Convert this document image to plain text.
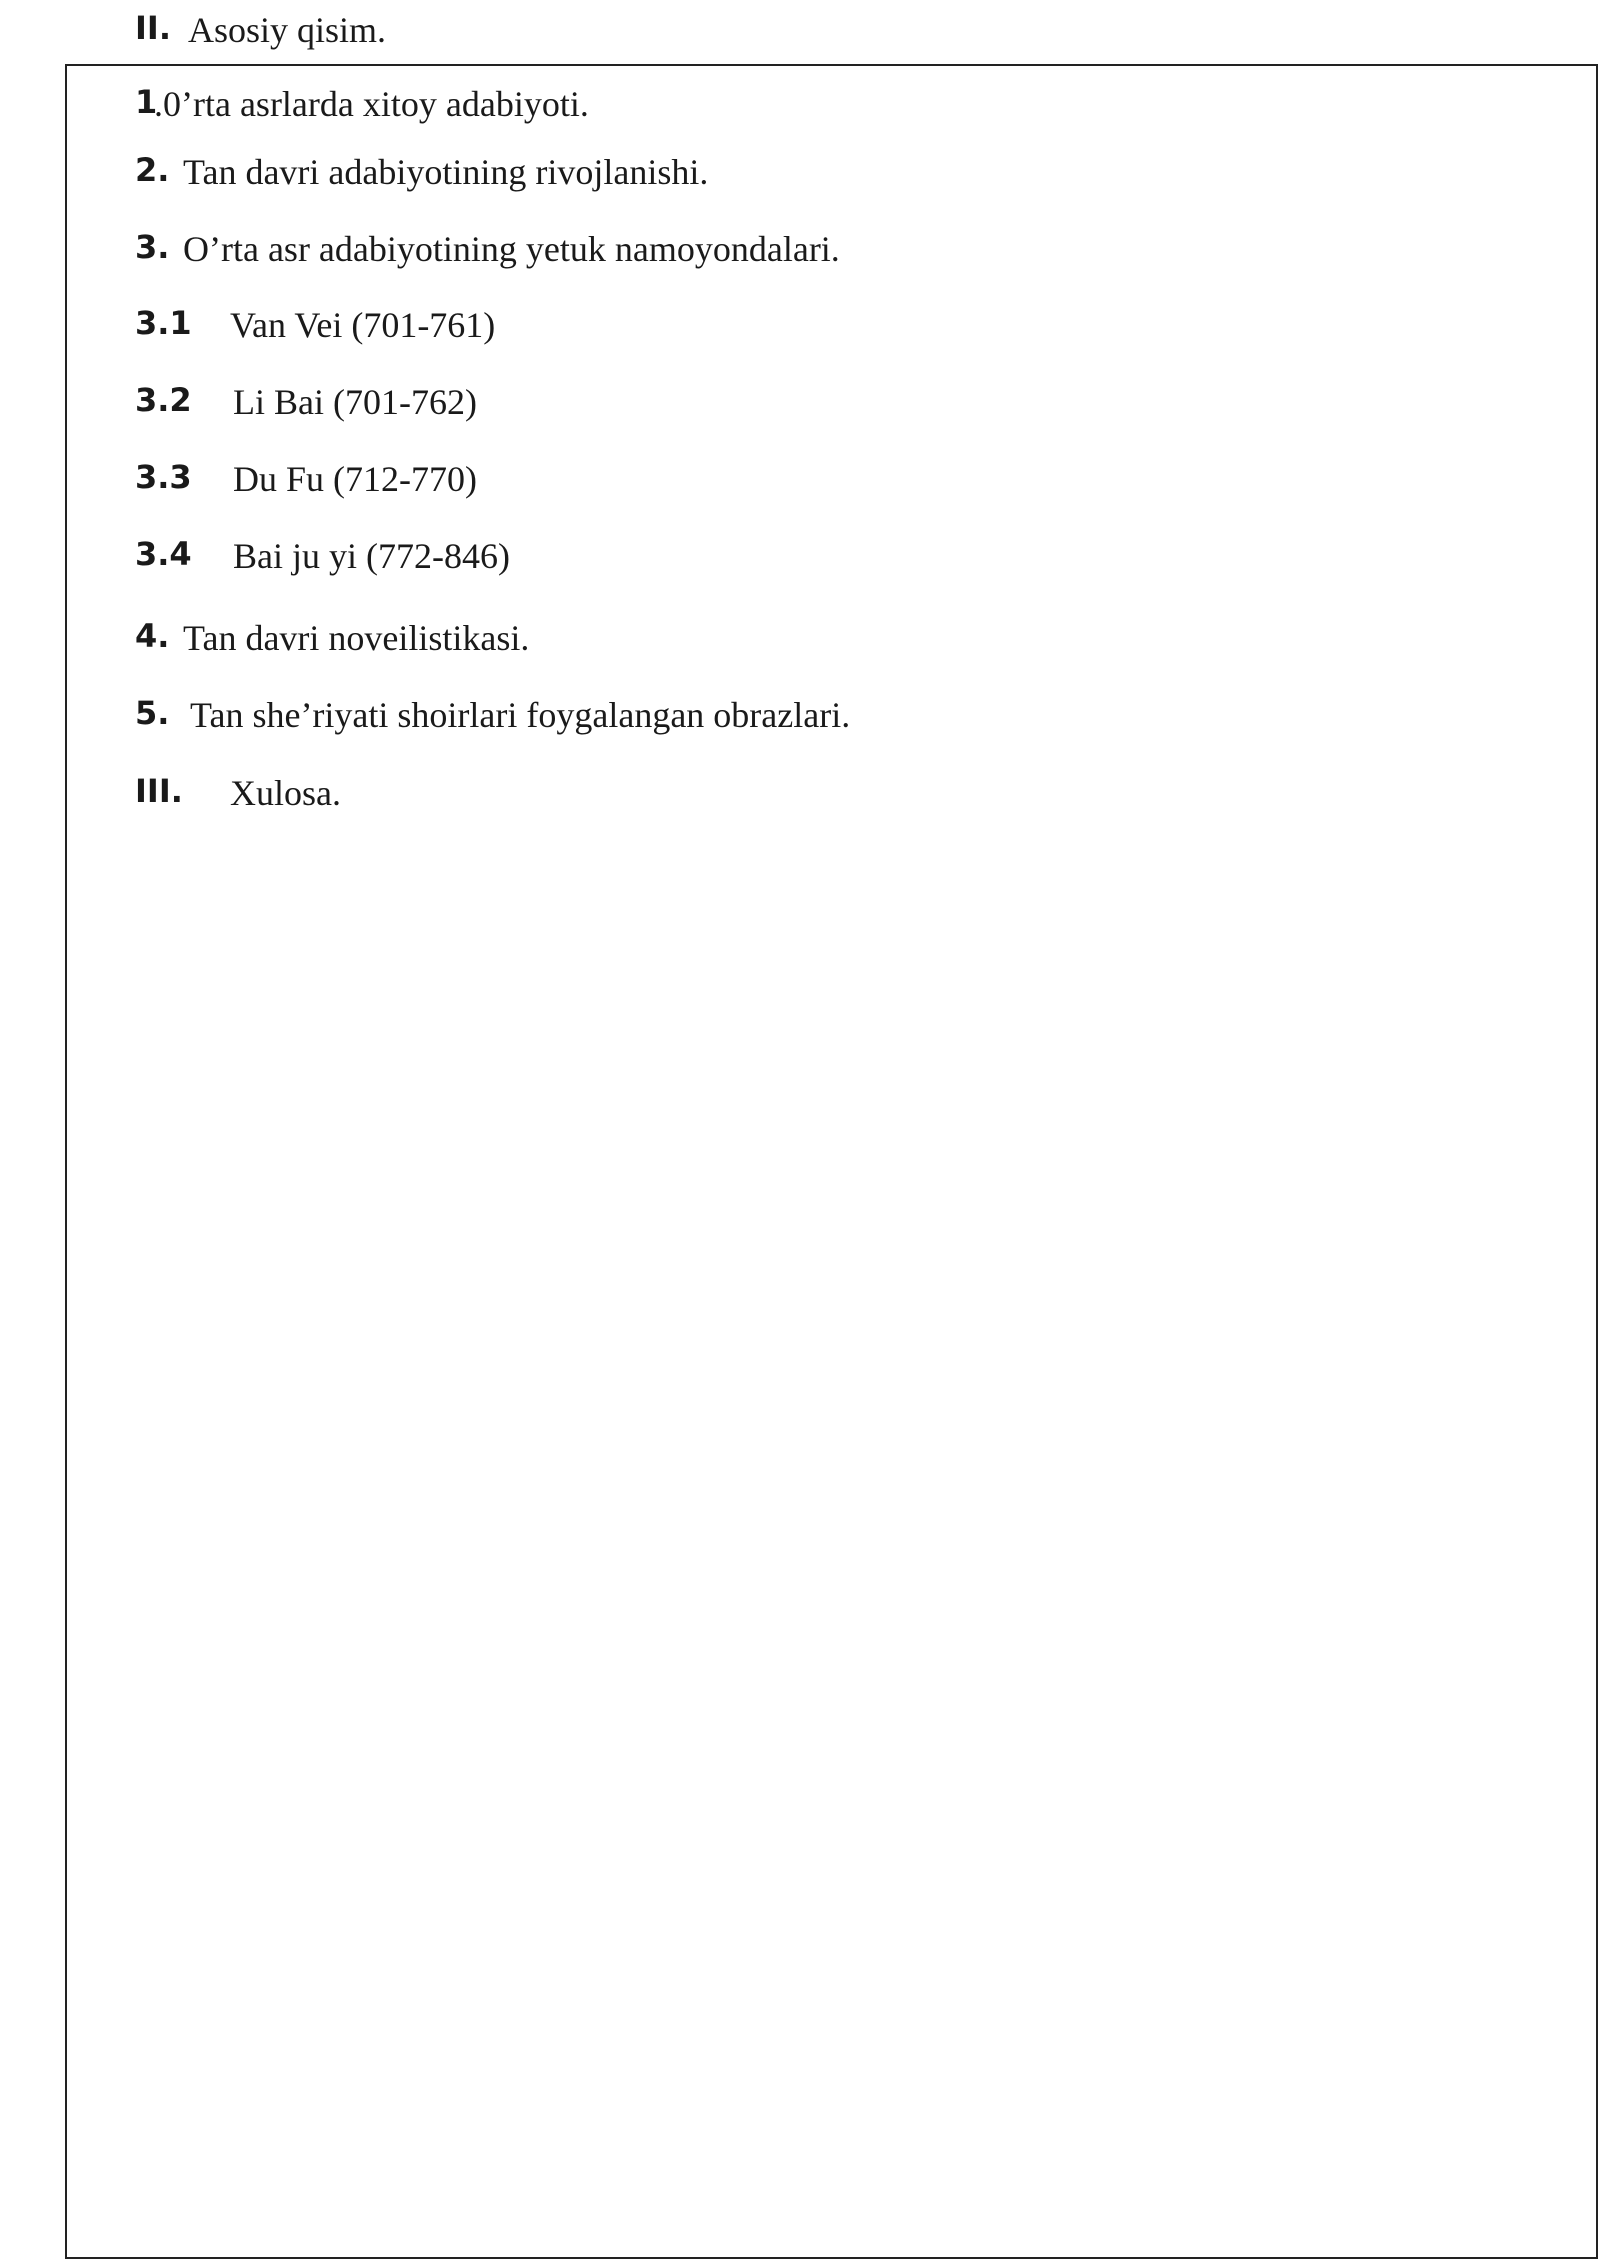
II. Asosiy qisim.
1
.0’rta asrlarda xitoy adabiyoti.
2. Tan davri adabiyotining rivojlanishi.
3. O’rta asr adabiyotining yetuk namoyondalari.
3.1 Van Vei (701-761)
3.2 Li Bai (701-762)
3.3 Du Fu (712-770)
3.4 Bai ju yi (772-846)
4. Tan davri noveilistikasi.
5. Tan she’riyati shoirlari foygalangan obrazlari.
III. Xulosa.
